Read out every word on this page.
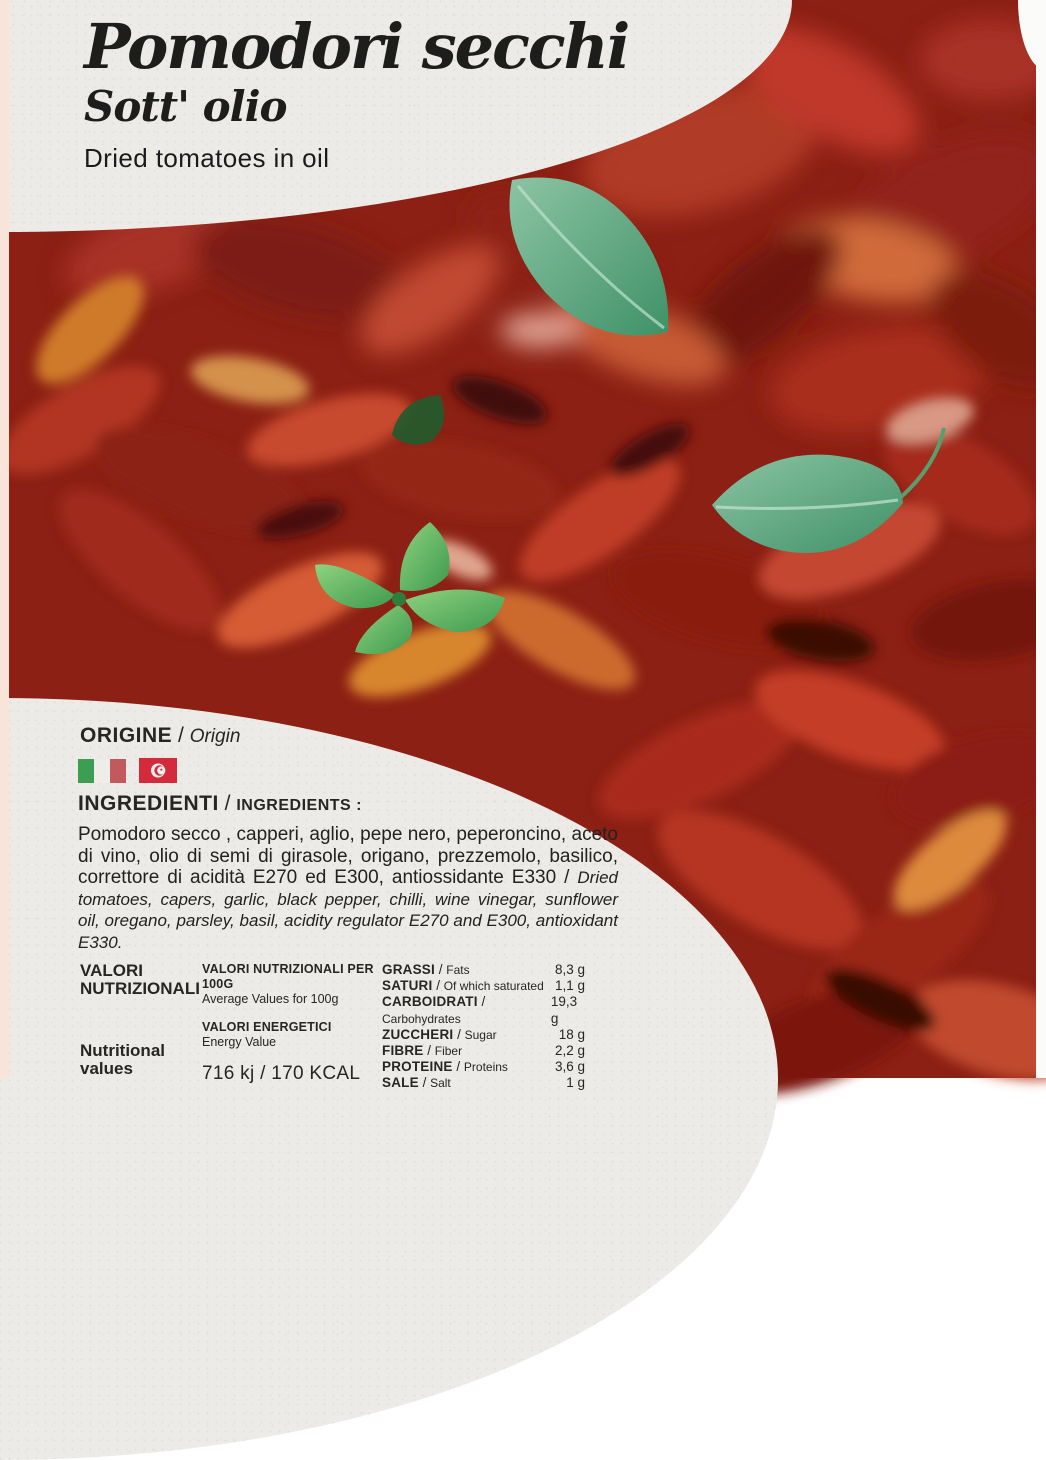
Pomodori secchi
Sott' olio
Dried tomatoes in oil
ORIGINE / Origin
INGREDIENTI / INGREDIENTS :

Pomodoro secco , capperi, aglio, pepe nero, peperoncino, aceto di vino, olio di semi di girasole, origano, prezzemolo, basilico, correttore di acidità E270 ed E300, antiossidante E330 / Dried tomatoes, capers, garlic, black pepper, chilli, wine vinegar, sunflower oil, oregano, parsley, basil, acidity regulator E270 and E300, antioxidant E330.

VALORI NUTRIZIONALI
Nutritional values
VALORI NUTRIZIONALI PER 100G
Average Values for 100g
VALORI ENERGETICI
Energy Value
716 kj / 170 KCAL
GRASSI / Fats	8,3 g
SATURI / Of which saturated 1,1 g
CARBOIDRATI / Carbohydrates
19,3 g
ZUCCHERI / Sugar	18 g
FIBRE / Fiber	2,2 g
PROTEINE / Proteins	3,6 g
SALE / Salt	1 g
